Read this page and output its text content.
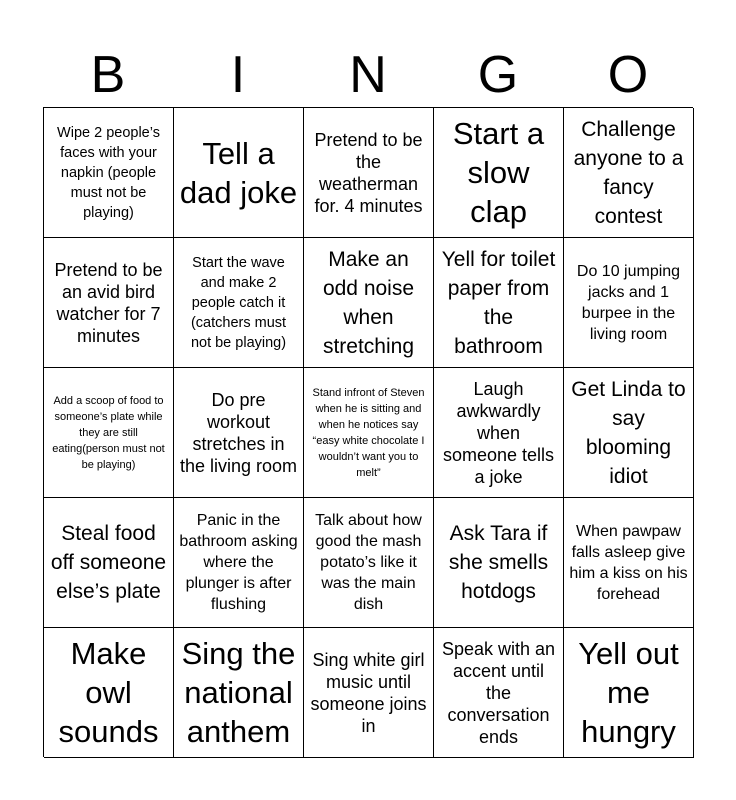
B	I	N	G	O
Wipe 2 people’s faces with your napkin (people must not be playing)
Tell a dad joke
Pretend to be the weatherman for. 4 minutes
Start a slow clap
Challenge anyone to a fancy contest
Pretend to be an avid bird watcher for 7 minutes
Start the wave and make 2 people catch it (catchers must not be playing)
Make an odd noise when stretching
Yell for toilet paper from the bathroom
Do 10 jumping jacks and 1 burpee in the living room
Add a scoop of food to someone’s plate while they are still eating(person must not be playing)
Do pre workout stretches in the living room
Stand infront of Steven when he is sitting and when he notices say “easy white chocolate I wouldn’t want you to melt”
Laugh awkwardly when someone tells a joke
Get Linda to say blooming idiot
Steal food off someone else’s plate
Panic in the bathroom asking where the plunger is after flushing
Talk about how good the mash potato’s like it was the main dish
Ask Tara if she smells hotdogs
When pawpaw falls asleep give him a kiss on his forehead
Make owl sounds
Sing the national anthem
Sing white girl music until someone joins in
Speak with an accent until the conversation ends
Yell out me hungry
